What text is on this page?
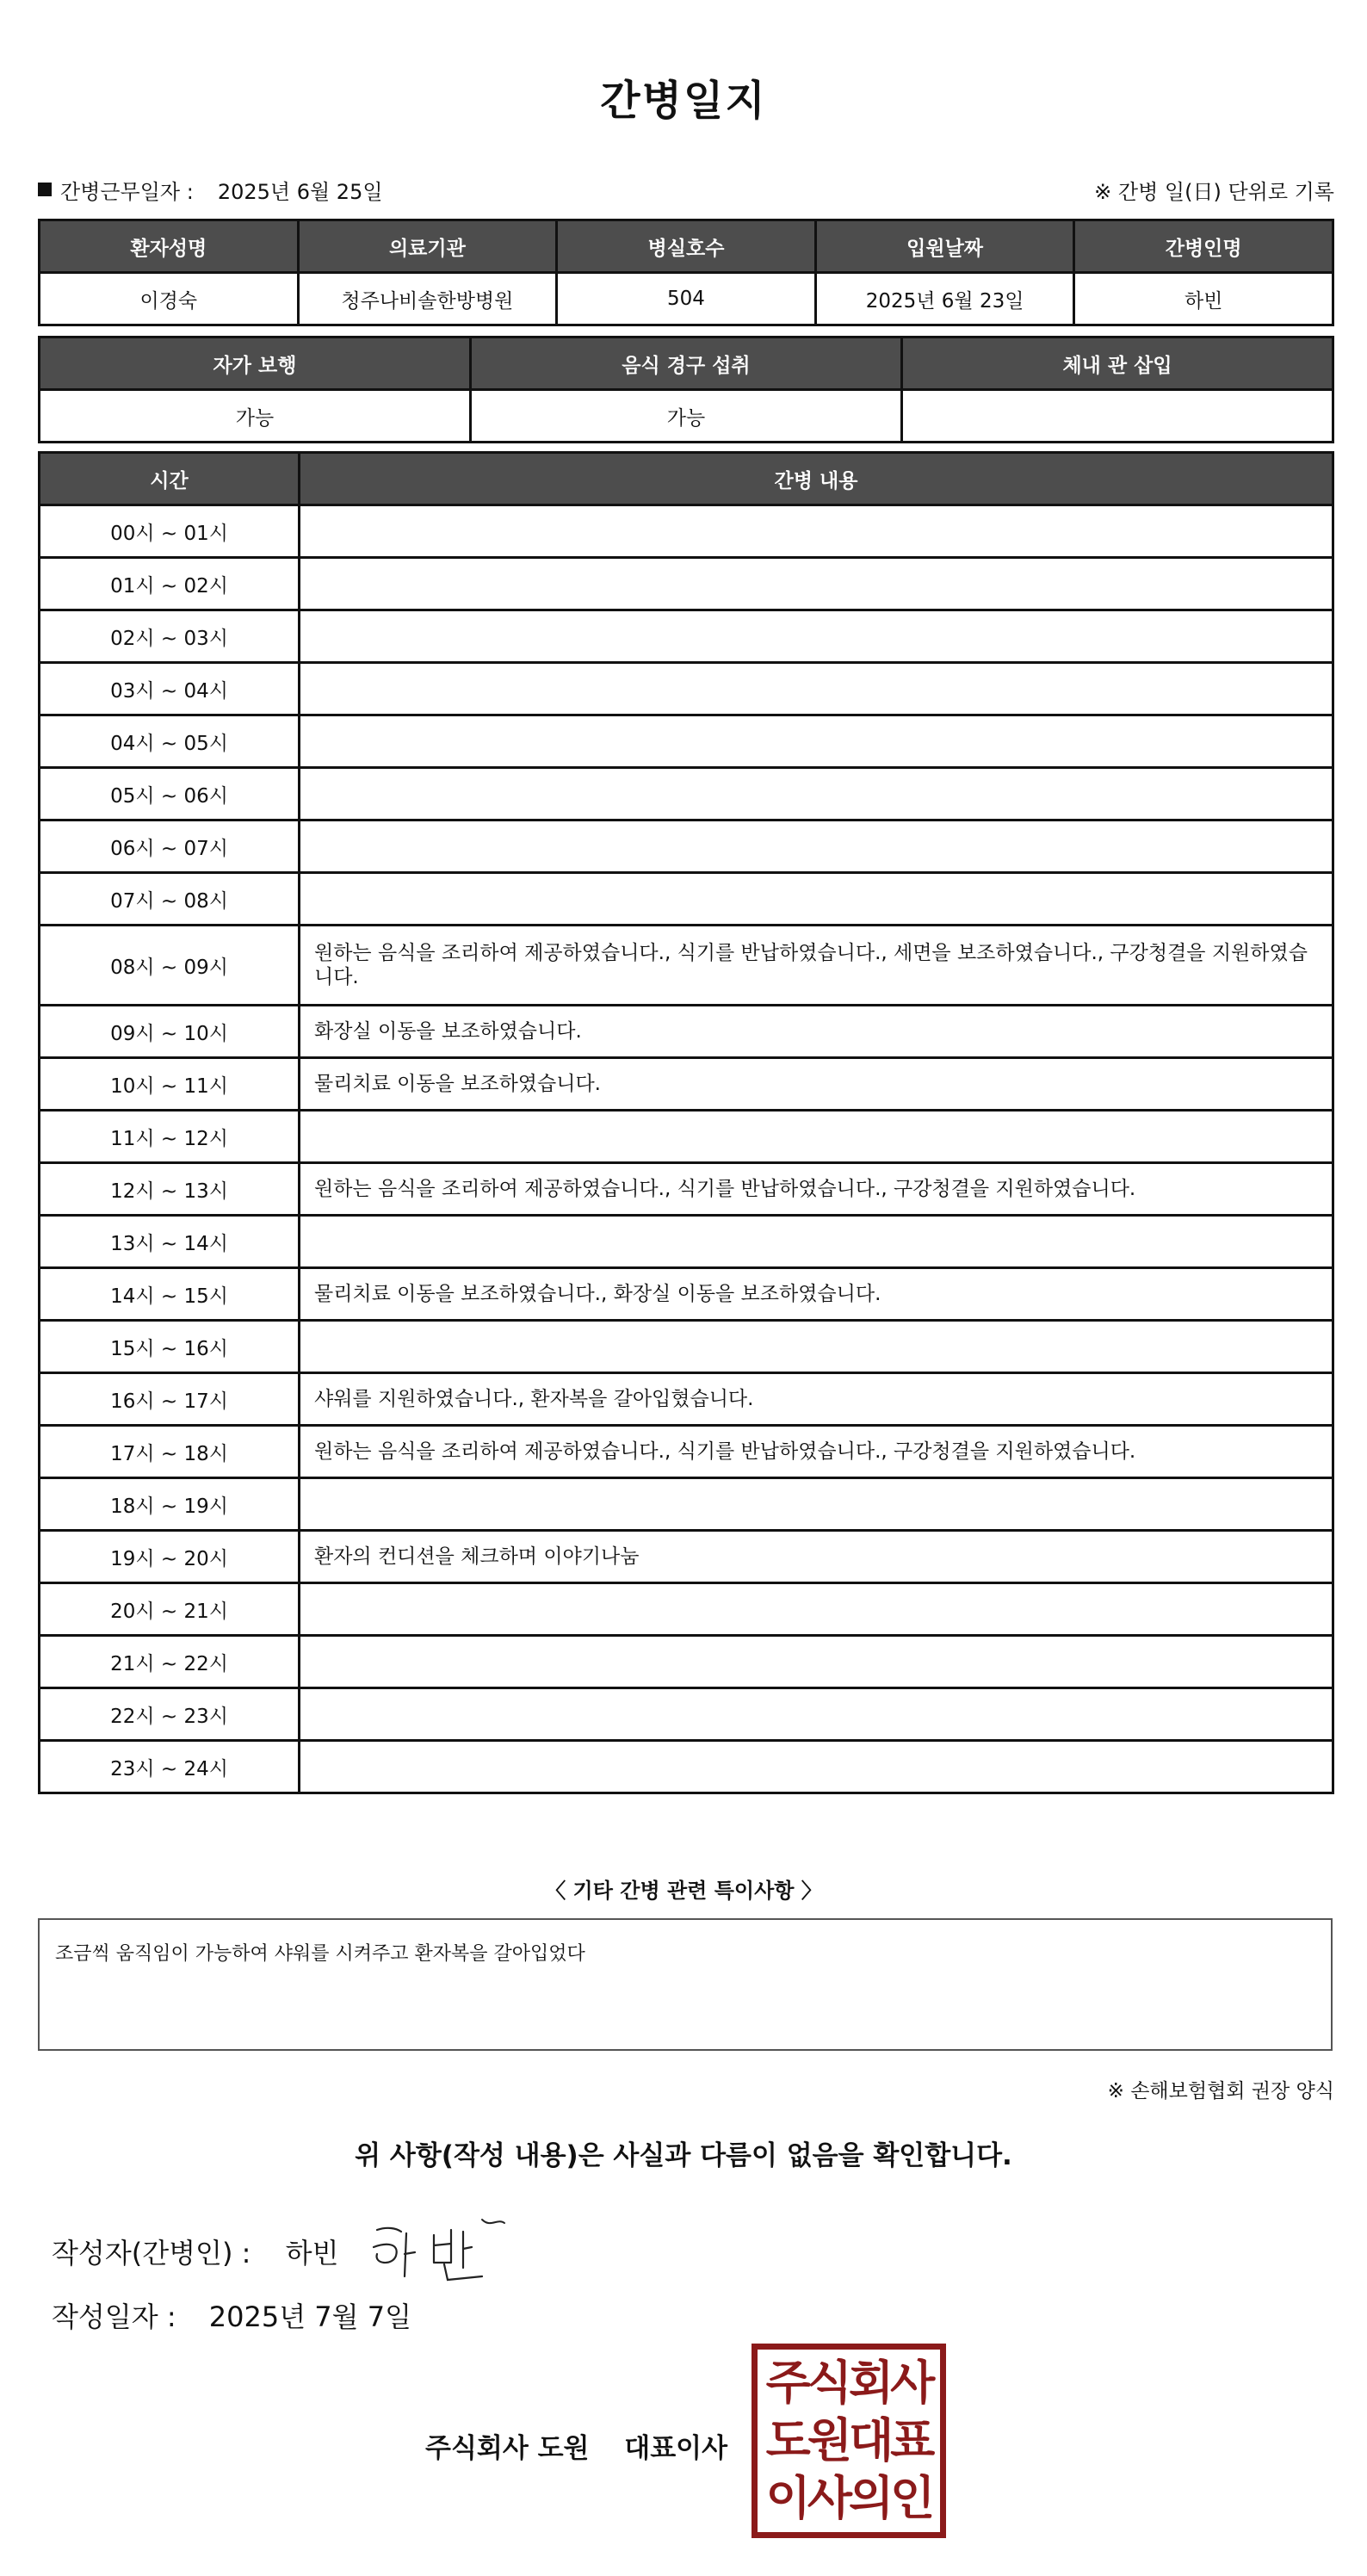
간병일지
간병근무일자 : 2025년 6월 25일	※ 간병 일(日) 단위로 기록
환자성명	의료기관	병실호수	입원날짜	간병인명
이경숙	청주나비솔한방병원	504	2025년 6월 23일	하빈
자가 보행	음식 경구 섭취	체내 관 삽입
가능	가능	
시간	간병 내용
00시 ~ 01시	
01시 ~ 02시	
02시 ~ 03시	
03시 ~ 04시	
04시 ~ 05시	
05시 ~ 06시	
06시 ~ 07시	
07시 ~ 08시	
08시 ~ 09시	원하는 음식을 조리하여 제공하였습니다., 식기를 반납하였습니다., 세면을 보조하였습니다., 구강청결을 지원하였습니다.
09시 ~ 10시	화장실 이동을 보조하였습니다.
10시 ~ 11시	물리치료 이동을 보조하였습니다.
11시 ~ 12시	
12시 ~ 13시	원하는 음식을 조리하여 제공하였습니다., 식기를 반납하였습니다., 구강청결을 지원하였습니다.
13시 ~ 14시	
14시 ~ 15시	물리치료 이동을 보조하였습니다., 화장실 이동을 보조하였습니다.
15시 ~ 16시	
16시 ~ 17시	샤워를 지원하였습니다., 환자복을 갈아입혔습니다.
17시 ~ 18시	원하는 음식을 조리하여 제공하였습니다., 식기를 반납하였습니다., 구강청결을 지원하였습니다.
18시 ~ 19시	
19시 ~ 20시	환자의 컨디션을 체크하며 이야기나눔
20시 ~ 21시	
21시 ~ 22시	
22시 ~ 23시	
23시 ~ 24시	
〈 기타 간병 관련 특이사항 〉
조금씩 움직임이 가능하여 샤워를 시켜주고 환자복을 갈아입었다
※ 손해보험협회 권장 양식
위 사항(작성 내용)은 사실과 다름이 없음을 확인합니다.
작성자(간병인) : 하빈
작성일자 : 2025년 7월 7일
주식회사 도원 대표이사
주식회사
도원대표
이사의인
